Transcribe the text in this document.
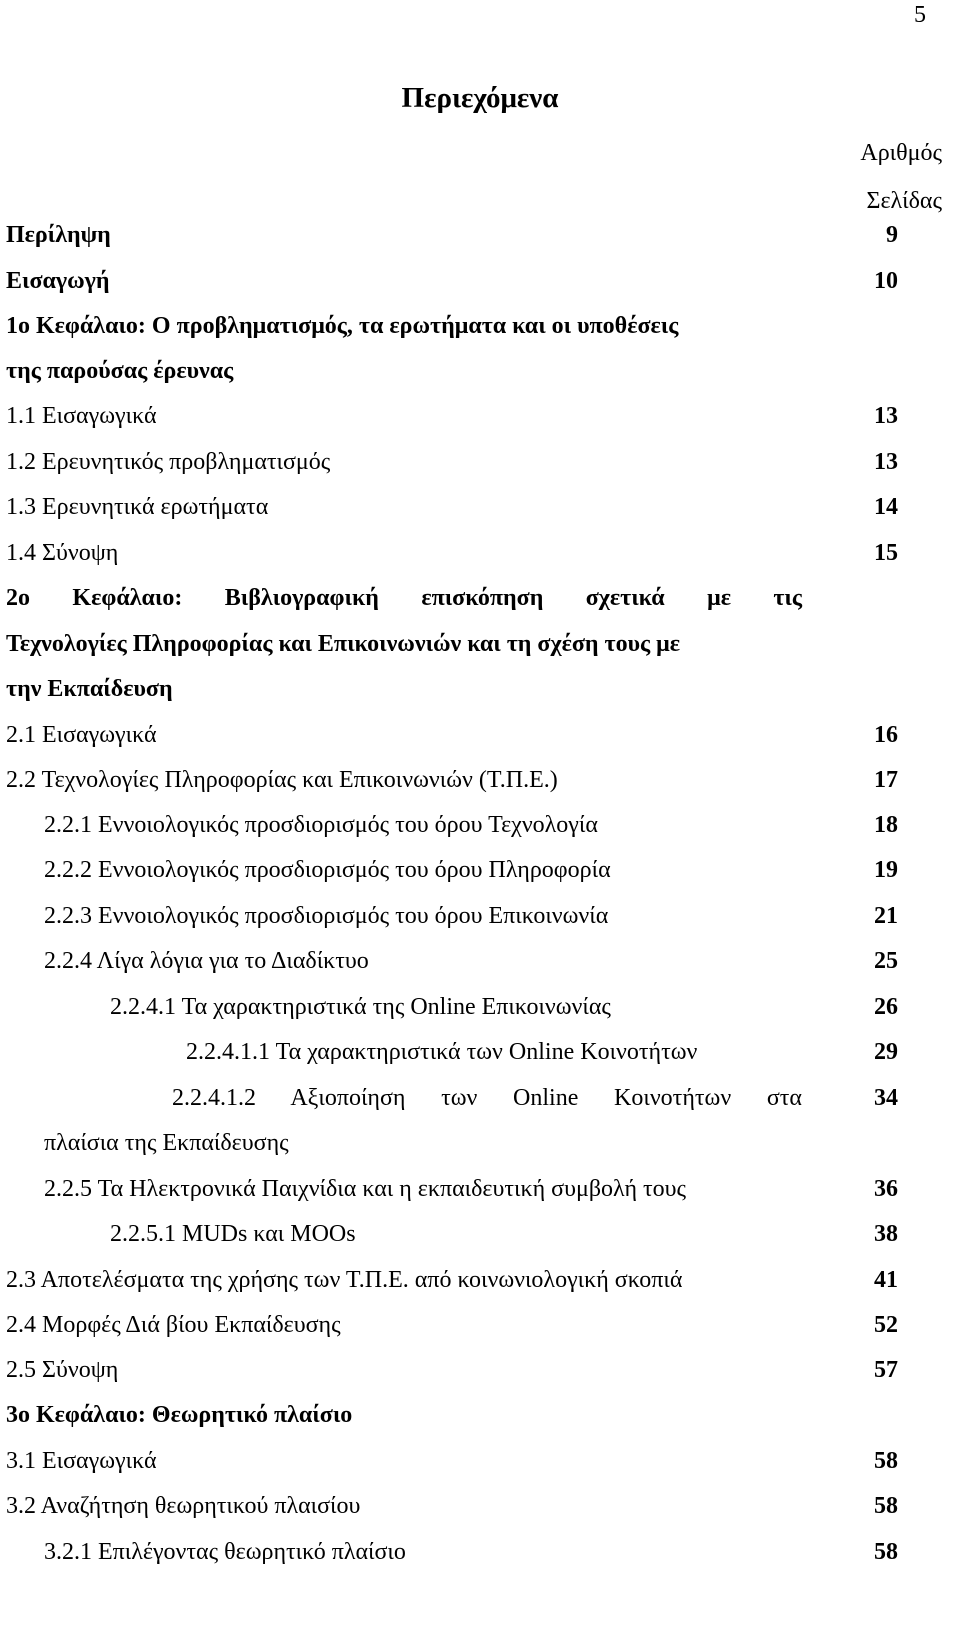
5
Περιεχόμενα
Αριθμός
Σελίδας
Περίληψη	9
Εισαγωγή	10
1ο Κεφάλαιο: Ο προβληματισμός, τα ερωτήματα και οι υποθέσεις
της παρούσας έρευνας
1.1 Εισαγωγικά	13
1.2 Ερευνητικός προβληματισμός	13
1.3 Ερευνητικά ερωτήματα	14
1.4 Σύνοψη	15
2ο Κεφάλαιο: Βιβλιογραφική επισκόπηση σχετικά με τις
Τεχνολογίες Πληροφορίας και Επικοινωνιών και τη σχέση τους με
την Εκπαίδευση
2.1 Εισαγωγικά	16
2.2 Τεχνολογίες Πληροφορίας και Επικοινωνιών (Τ.Π.Ε.)	17
2.2.1 Εννοιολογικός προσδιορισμός του όρου Τεχνολογία	18
2.2.2 Εννοιολογικός προσδιορισμός του όρου Πληροφορία	19
2.2.3 Εννοιολογικός προσδιορισμός του όρου Επικοινωνία	21
2.2.4 Λίγα λόγια για το Διαδίκτυο	25
2.2.4.1 Τα χαρακτηριστικά της Online Επικοινωνίας	26
2.2.4.1.1 Τα χαρακτηριστικά των Online Κοινοτήτων	29
2.2.4.1.2 Αξιοποίηση των Online Κοινοτήτων στα	34
πλαίσια της Εκπαίδευσης
2.2.5 Τα Ηλεκτρονικά Παιχνίδια και η εκπαιδευτική συμβολή τους	36
2.2.5.1 MUDs και MOOs	38
2.3 Αποτελέσματα της χρήσης των Τ.Π.Ε. από κοινωνιολογική σκοπιά	41
2.4 Μορφές Διά βίου Εκπαίδευσης	52
2.5 Σύνοψη	57
3ο Κεφάλαιο: Θεωρητικό πλαίσιο
3.1 Εισαγωγικά	58
3.2 Αναζήτηση θεωρητικού πλαισίου	58
3.2.1 Επιλέγοντας θεωρητικό πλαίσιο	58
